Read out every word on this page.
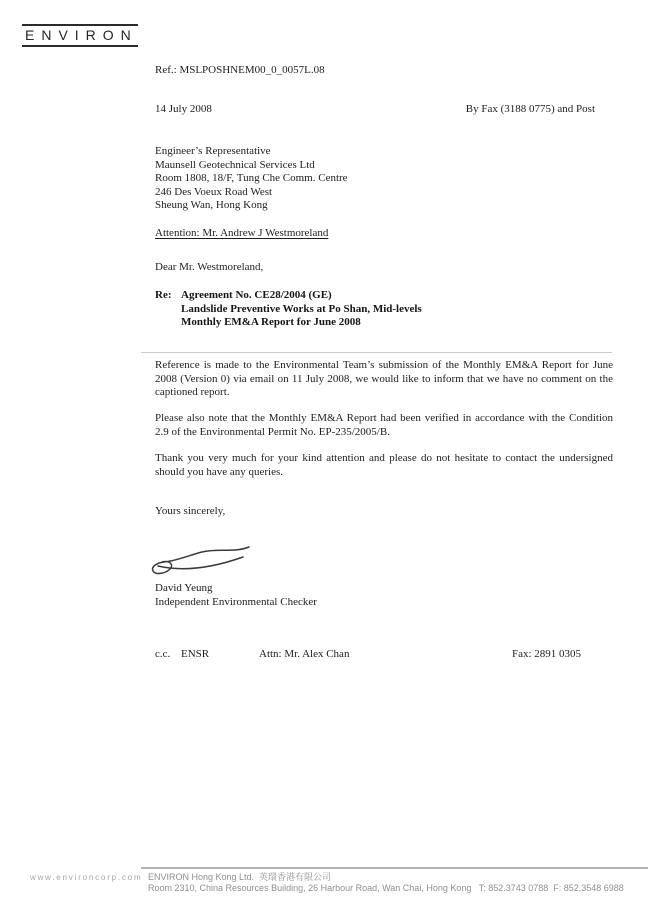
ENVIRON
Ref.: MSLPOSHNEM00_0_0057L.08
14 July 2008	By Fax (3188 0775) and Post
Engineer’s Representative
Maunsell Geotechnical Services Ltd
Room 1808, 18/F, Tung Che Comm. Centre
246 Des Voeux Road West
Sheung Wan, Hong Kong
Attention: Mr. Andrew J Westmoreland
Dear Mr. Westmoreland,
Re: Agreement No. CE28/2004 (GE)
Landslide Preventive Works at Po Shan, Mid-levels
Monthly EM&A Report for June 2008

Reference is made to the Environmental Team’s submission of the Monthly EM&A Report for June 2008 (Version 0) via email on 11 July 2008, we would like to inform that we have no comment on the captioned report.

Please also note that the Monthly EM&A Report had been verified in accordance with the Condition 2.9 of the Environmental Permit No. EP-235/2005/B.

Thank you very much for your kind attention and please do not hesitate to contact the undersigned should you have any queries.

Yours sincerely,
David Yeung
Independent Environmental Checker
c.c. ENSR	Attn: Mr. Alex Chan	Fax: 2891 0305
www.environcorp.com ENVIRON Hong Kong Ltd.  英環香港有限公司
Room 2310, China Resources Building, 26 Harbour Road, Wan Chai, Hong Kong   T: 852.3743 0788  F: 852.3548 6988
